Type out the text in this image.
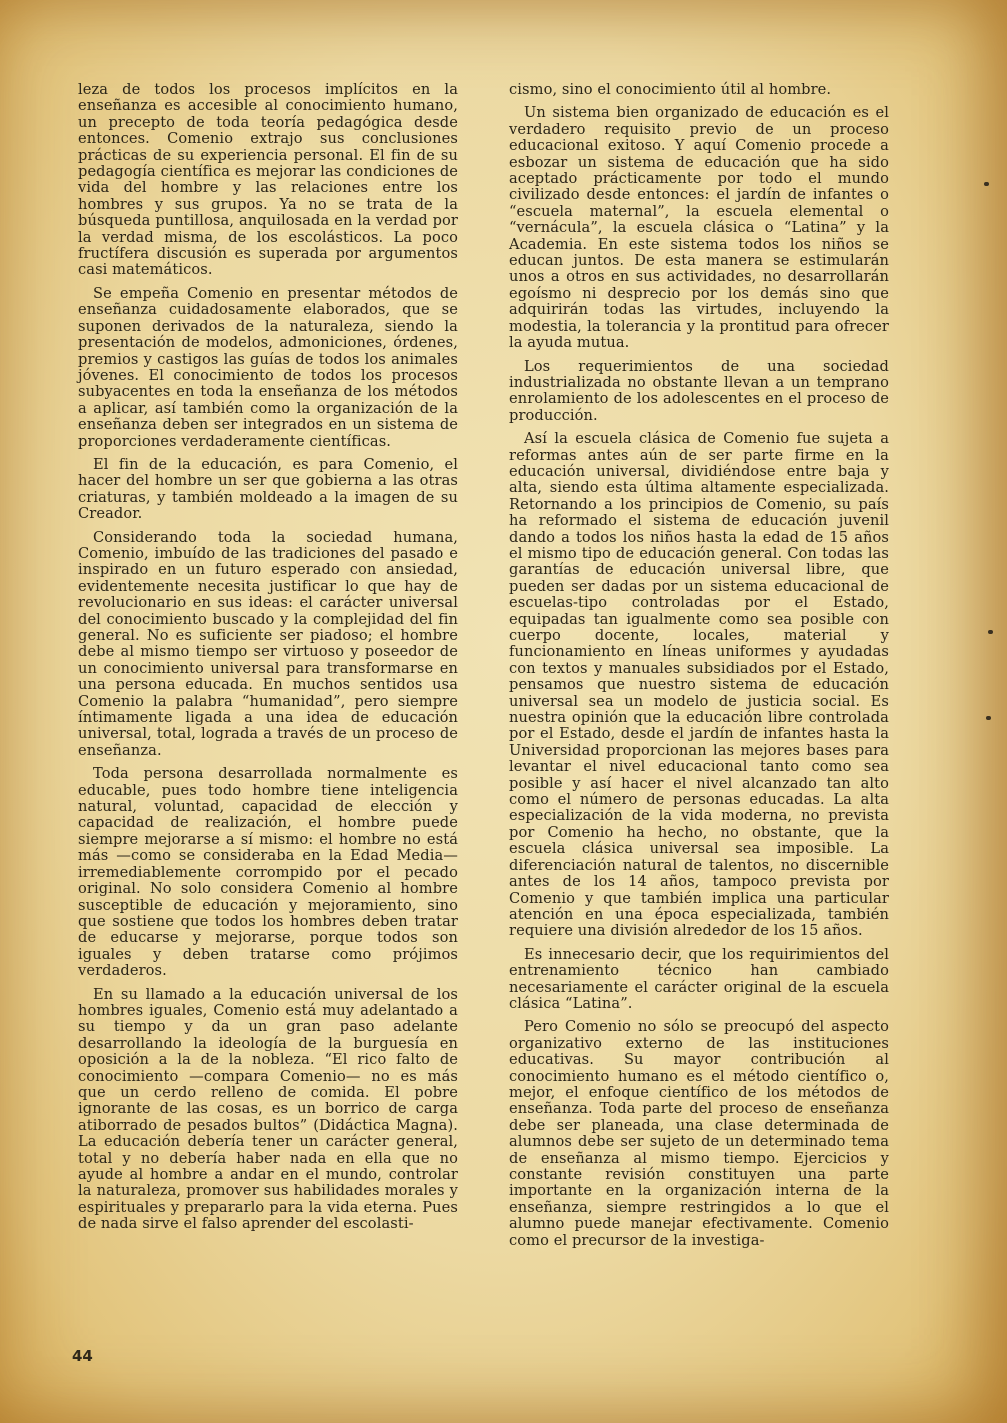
leza de todos los procesos implícitos en la enseñanza es accesible al conocimiento humano, un precepto de toda teoría pedagógica desde entonces. Comenio extrajo sus conclusiones prácticas de su experiencia personal. El fin de su pedagogía científica es mejorar las condiciones de vida del hombre y las relaciones entre los hombres y sus grupos. Ya no se trata de la búsqueda puntillosa, anquilosada en la verdad por la verdad misma, de los escolásticos. La poco fructífera discusión es superada por argumentos casi matemáticos.

Se empeña Comenio en presentar métodos de enseñanza cuidadosamente elaborados, que se suponen derivados de la naturaleza, siendo la presentación de modelos, admoniciones, órdenes, premios y castigos las guías de todos los animales jóvenes. El conocimiento de todos los procesos subyacentes en toda la enseñanza de los métodos a aplicar, así también como la organización de la enseñanza deben ser integrados en un sistema de proporciones verdaderamente científicas.

El fin de la educación, es para Comenio, el hacer del hombre un ser que gobierna a las otras criaturas, y también moldeado a la imagen de su Creador.

Considerando toda la sociedad humana, Comenio, imbuído de las tradiciones del pasado e inspirado en un futuro esperado con ansiedad, evidentemente necesita justificar lo que hay de revolucionario en sus ideas: el carácter universal del conocimiento buscado y la complejidad del fin general. No es suficiente ser piadoso; el hombre debe al mismo tiempo ser virtuoso y poseedor de un conocimiento universal para transformarse en una persona educada. En muchos sentidos usa Comenio la palabra “humanidad”, pero siempre íntimamente ligada a una idea de educación universal, total, lograda a través de un proceso de enseñanza.

Toda persona desarrollada normalmente es educable, pues todo hombre tiene inteligencia natural, voluntad, capacidad de elección y capacidad de realización, el hombre puede siempre mejorarse a sí mismo: el hombre no está más —como se consideraba en la Edad Media— irremediablemente corrompido por el pecado original. No solo considera Comenio al hombre susceptible de educación y mejoramiento, sino que sostiene que todos los hombres deben tratar de educarse y mejorarse, porque todos son iguales y deben tratarse como prójimos verdaderos.

En su llamado a la educación universal de los hombres iguales, Comenio está muy adelantado a su tiempo y da un gran paso adelante desarrollando la ideología de la burguesía en oposición a la de la nobleza. “El rico falto de conocimiento —compara Comenio— no es más que un cerdo relleno de comida. El pobre ignorante de las cosas, es un borrico de carga atiborrado de pesados bultos” (Didáctica Magna). La educación debería tener un carácter general, total y no debería haber nada en ella que no ayude al hombre a andar en el mundo, controlar la naturaleza, promover sus habilidades morales y espirituales y prepararlo para la vida eterna. Pues de nada sirve el falso aprender del escolasti-

cismo, sino el conocimiento útil al hombre.

Un sistema bien organizado de educación es el verdadero requisito previo de un proceso educacional exitoso. Y aquí Comenio procede a esbozar un sistema de educación que ha sido aceptado prácticamente por todo el mundo civilizado desde entonces: el jardín de infantes o “escuela maternal”, la escuela elemental o “vernácula”, la escuela clásica o “Latina” y la Academia. En este sistema todos los niños se educan juntos. De esta manera se estimularán unos a otros en sus actividades, no desarrollarán egoísmo ni desprecio por los demás sino que adquirirán todas las virtudes, incluyendo la modestia, la tolerancia y la prontitud para ofrecer la ayuda mutua.

Los requerimientos de una sociedad industrializada no obstante llevan a un temprano enrolamiento de los adolescentes en el proceso de producción.

Así la escuela clásica de Comenio fue sujeta a reformas antes aún de ser parte firme en la educación universal, dividiéndose entre baja y alta, siendo esta última altamente especializada. Retornando a los principios de Comenio, su país ha reformado el sistema de educación juvenil dando a todos los niños hasta la edad de 15 años el mismo tipo de educación general. Con todas las garantías de educación universal libre, que pueden ser dadas por un sistema educacional de escuelas-tipo controladas por el Estado, equipadas tan igualmente como sea posible con cuerpo docente, locales, material y funcionamiento en líneas uniformes y ayudadas con textos y manuales subsidiados por el Estado, pensamos que nuestro sistema de educación universal sea un modelo de justicia social. Es nuestra opinión que la educación libre controlada por el Estado, desde el jardín de infantes hasta la Universidad proporcionan las mejores bases para levantar el nivel educacional tanto como sea posible y así hacer el nivel alcanzado tan alto como el número de personas educadas. La alta especialización de la vida moderna, no prevista por Comenio ha hecho, no obstante, que la escuela clásica universal sea imposible. La diferenciación natural de talentos, no discernible antes de los 14 años, tampoco prevista por Comenio y que también implica una particular atención en una época especializada, también requiere una división alrededor de los 15 años.

Es innecesario decir, que los requirimientos del entrenamiento técnico han cambiado necesariamente el carácter original de la escuela clásica “Latina”.

Pero Comenio no sólo se preocupó del aspecto organizativo externo de las instituciones educativas. Su mayor contribución al conocimiento humano es el método científico o, mejor, el enfoque científico de los métodos de enseñanza. Toda parte del proceso de enseñanza debe ser planeada, una clase determinada de alumnos debe ser sujeto de un determinado tema de enseñanza al mismo tiempo. Ejercicios y constante revisión constituyen una parte importante en la organización interna de la enseñanza, siempre restringidos a lo que el alumno puede manejar efectivamente. Comenio como el precursor de la investiga-

44
